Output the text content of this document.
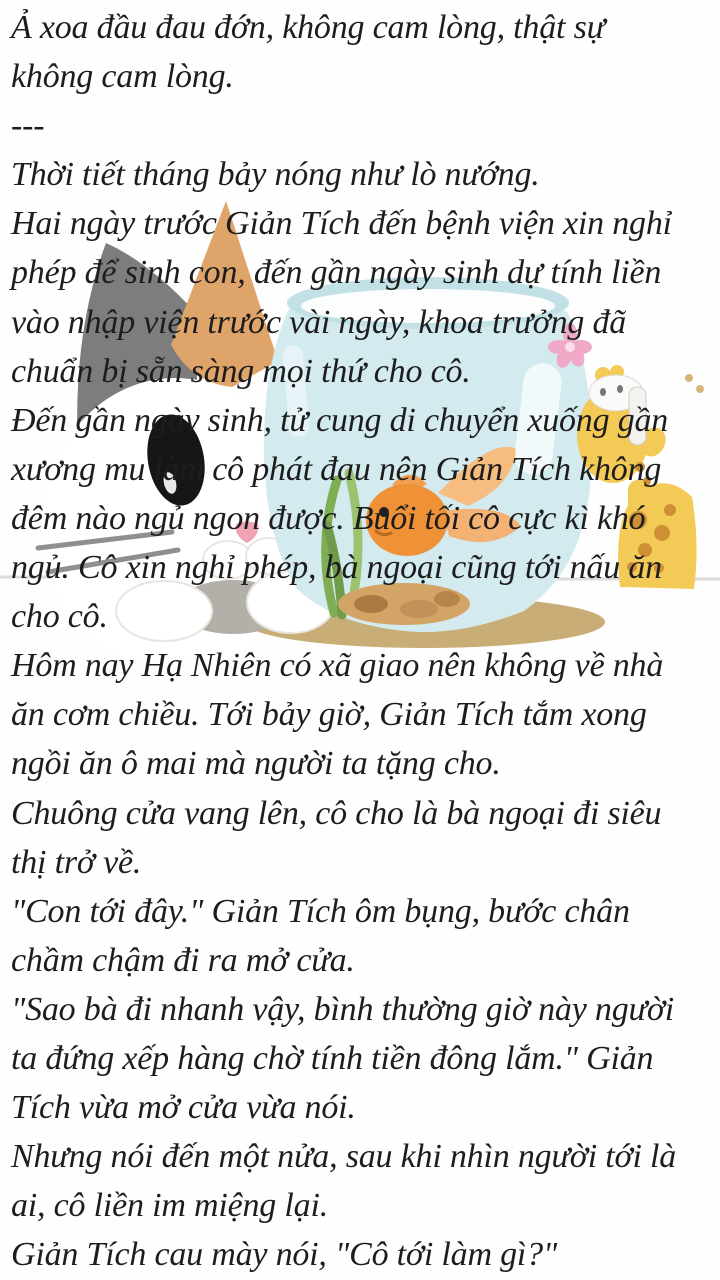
Ả xoa đầu đau đớn, không cam lòng, thật sự
không cam lòng.
---
Thời tiết tháng bảy nóng như lò nướng.
Hai ngày trước Giản Tích đến bệnh viện xin nghỉ
phép để sinh con, đến gần ngày sinh dự tính liền
vào nhập viện trước vài ngày, khoa trưởng đã
chuẩn bị sẵn sàng mọi thứ cho cô.
Đến gần ngày sinh, tử cung di chuyển xuống gần
xương mu làm cô phát đau nên Giản Tích không
đêm nào ngủ ngon được. Buổi tối cô cực kì khó
ngủ. Cô xin nghỉ phép, bà ngoại cũng tới nấu ăn
cho cô.
Hôm nay Hạ Nhiên có xã giao nên không về nhà
ăn cơm chiều. Tới bảy giờ, Giản Tích tắm xong
ngồi ăn ô mai mà người ta tặng cho.
Chuông cửa vang lên, cô cho là bà ngoại đi siêu
thị trở về.
"Con tới đây." Giản Tích ôm bụng, bước chân
chầm chậm đi ra mở cửa.
"Sao bà đi nhanh vậy, bình thường giờ này người
ta đứng xếp hàng chờ tính tiền đông lắm." Giản
Tích vừa mở cửa vừa nói.
Nhưng nói đến một nửa, sau khi nhìn người tới là
ai, cô liền im miệng lại.
Giản Tích cau mày nói, "Cô tới làm gì?"
